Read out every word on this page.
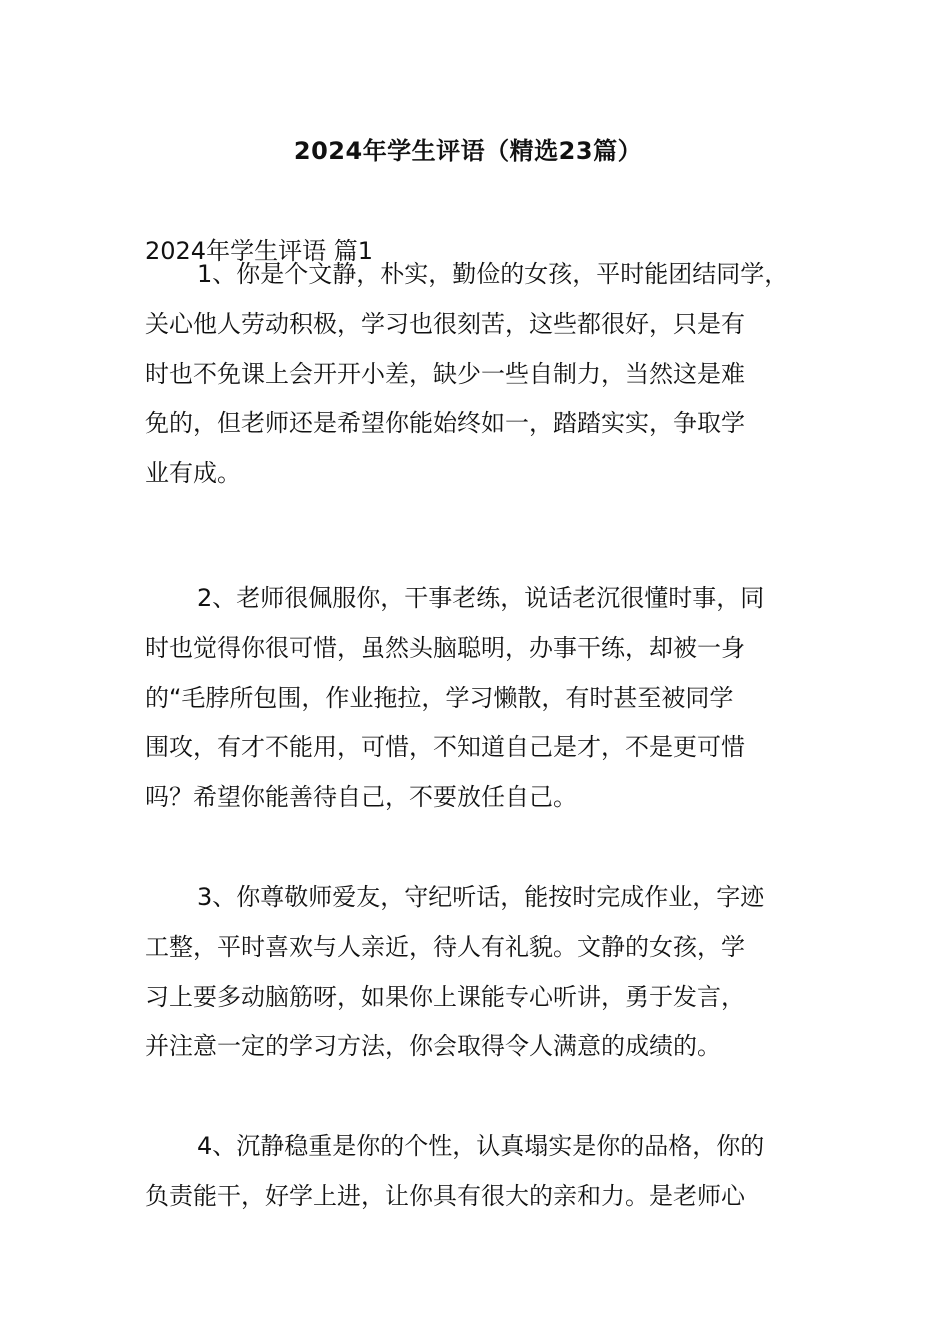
2024年学生评语（精选23篇）
2024年学生评语 篇1
1、你是个文静，朴实，勤俭的女孩，平时能团结同学，
关心他人劳动积极，学习也很刻苦，这些都很好，只是有
时也不免课上会开开小差，缺少一些自制力，当然这是难
免的，但老师还是希望你能始终如一，踏踏实实，争取学
业有成。
2、老师很佩服你，干事老练，说话老沉很懂时事，同
时也觉得你很可惜，虽然头脑聪明，办事干练，却被一身
的“毛脖所包围，作业拖拉，学习懒散，有时甚至被同学
围攻，有才不能用，可惜，不知道自己是才，不是更可惜
吗？希望你能善待自己，不要放任自己。
3、你尊敬师爱友，守纪听话，能按时完成作业，字迹
工整，平时喜欢与人亲近，待人有礼貌。文静的女孩，学
习上要多动脑筋呀，如果你上课能专心听讲，勇于发言，
并注意一定的学习方法，你会取得令人满意的成绩的。
4、沉静稳重是你的个性，认真塌实是你的品格，你的
负责能干，好学上进，让你具有很大的亲和力。是老师心
